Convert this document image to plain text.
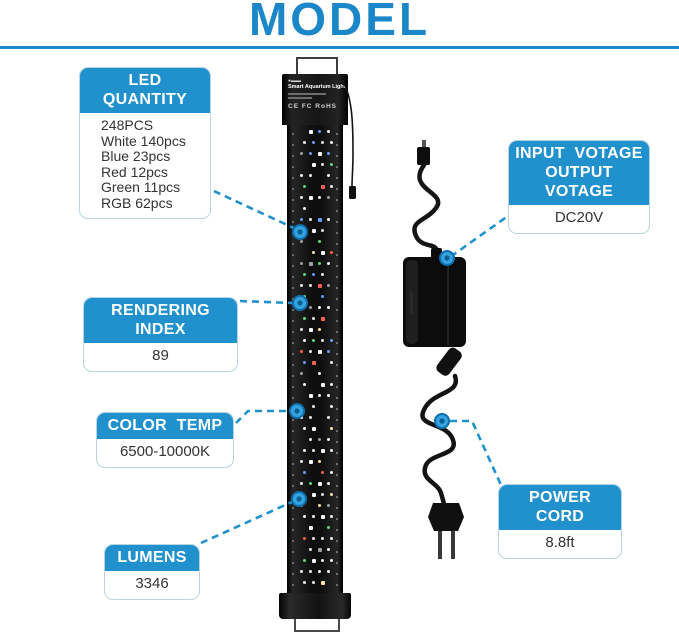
MODEL
●▬▬
Smart Aquarium Light
CE FC RoHS
LED QUANTITY
248PCS
White 140pcs
Blue 23pcs
Red 12pcs
Green 11pcs
RGB 62pcs
RENDERING INDEX
89
COLOR TEMP
6500-10000K
LUMENS
3346
INPUT VOTAGE
OUTPUT VOTAGE
DC20V
POWER CORD
8.8ft
